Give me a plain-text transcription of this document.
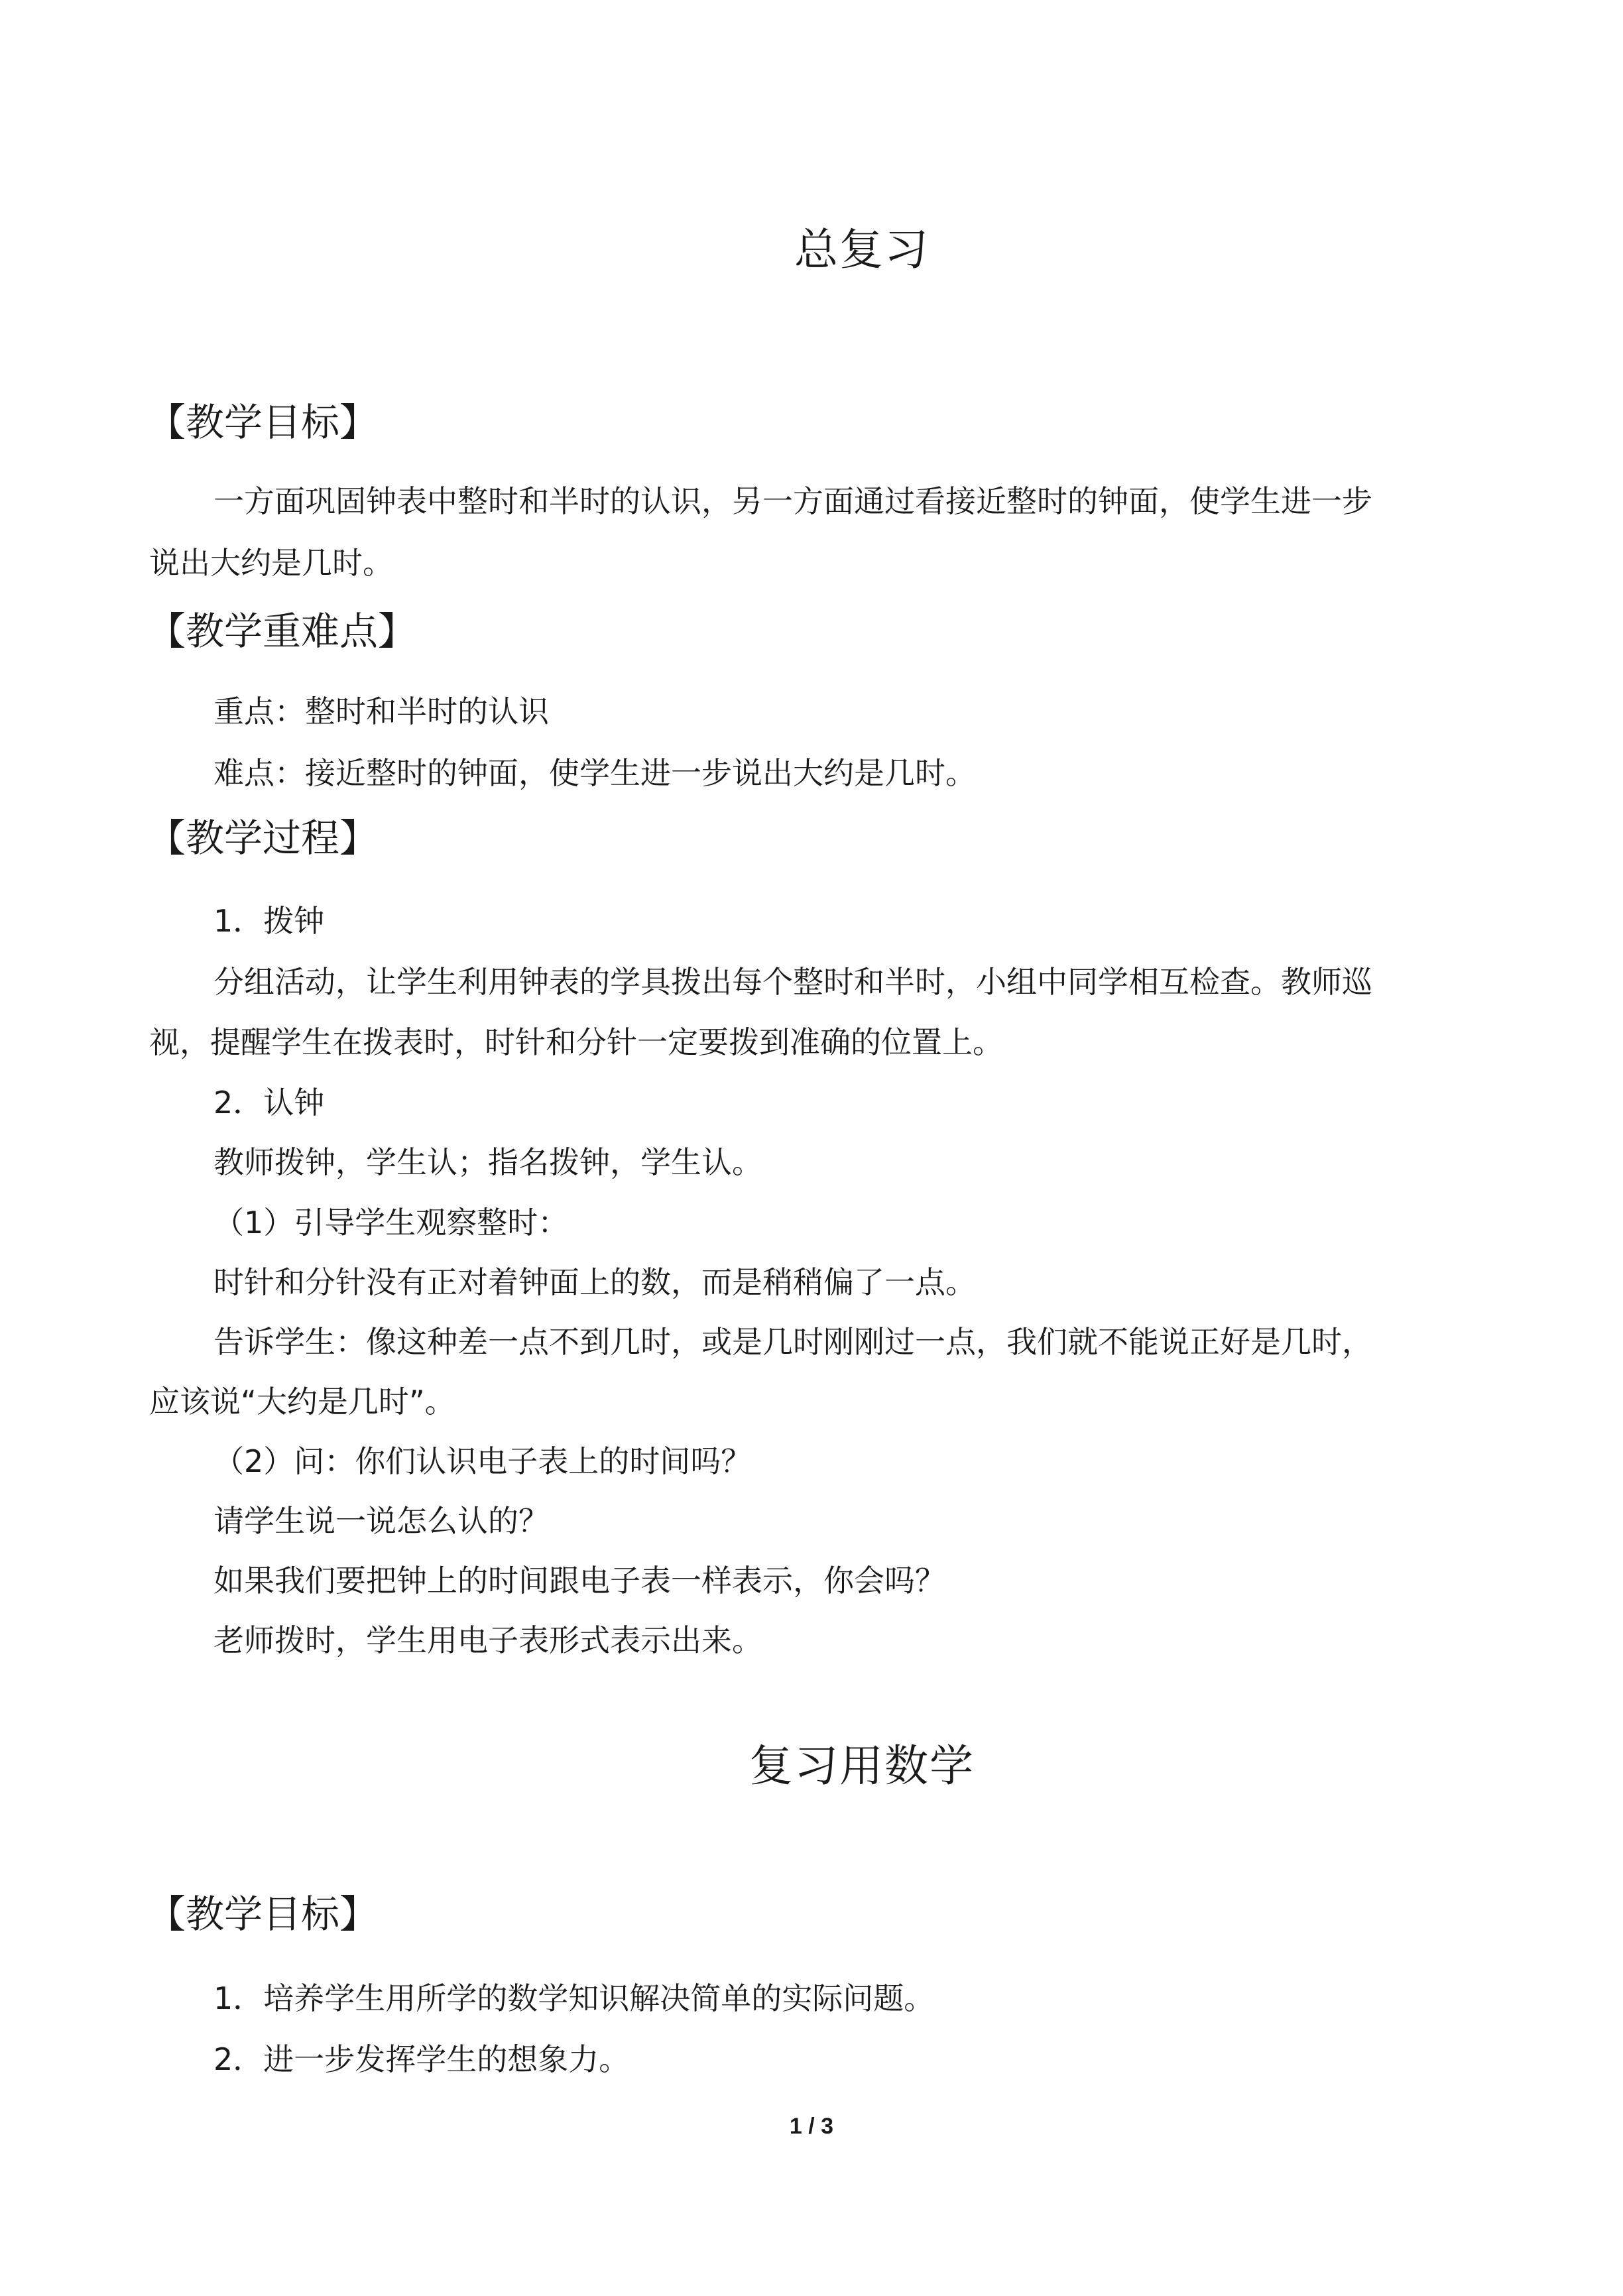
总复习
【教学目标】
一方面巩固钟表中整时和半时的认识，另一方面通过看接近整时的钟面，使学生进一步
说出大约是几时。
【教学重难点】
重点：整时和半时的认识
难点：接近整时的钟面，使学生进一步说出大约是几时。
【教学过程】
1．拨钟
分组活动，让学生利用钟表的学具拨出每个整时和半时，小组中同学相互检查。教师巡
视，提醒学生在拨表时，时针和分针一定要拨到准确的位置上。
2．认钟
教师拨钟，学生认；指名拨钟，学生认。
（1）引导学生观察整时：
时针和分针没有正对着钟面上的数，而是稍稍偏了一点。
告诉学生：像这种差一点不到几时，或是几时刚刚过一点，我们就不能说正好是几时，
应该说“大约是几时”。
（2）问：你们认识电子表上的时间吗？
请学生说一说怎么认的？
如果我们要把钟上的时间跟电子表一样表示，你会吗？
老师拨时，学生用电子表形式表示出来。
复习用数学
【教学目标】
1．培养学生用所学的数学知识解决简单的实际问题。
2．进一步发挥学生的想象力。
1 / 3
